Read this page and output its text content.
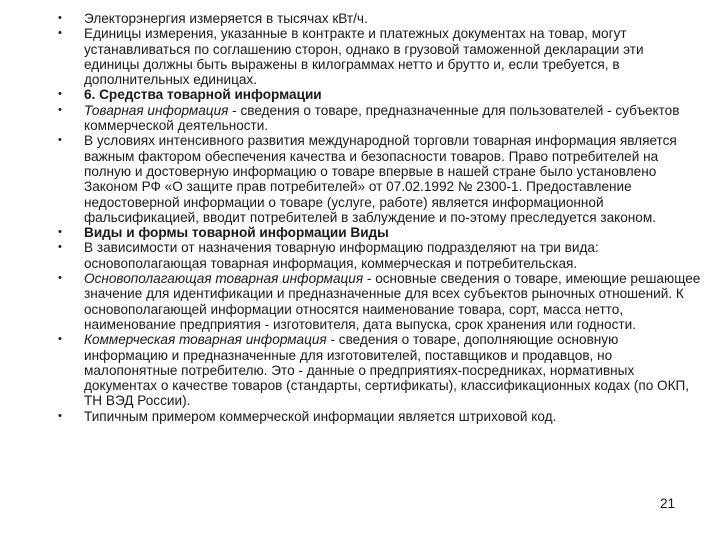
• Электорэнергия измеряется в тысячах кВт/ч.
• Единицы измерения, указанные в контракте и платежных документах на товар, могут устанавливаться по соглашению сторон, однако в грузовой таможенной декларации эти единицы должны быть выражены в килограммах нетто и брутто и, если требуется, в дополнительных единицах.
• 6. Средства товарной информации
• Товарная информация - сведения о товаре, предназначенные для пользователей - субъектов коммерческой деятельности.
• В условиях интенсивного развития международной торговли товарная информация является важным фактором обеспечения качества и безопасности товаров. Право потребителей на полную и достоверную информацию о товаре впервые в нашей стране было установлено Законом РФ «О защите прав потребителей» от 07.02.1992 № 2300-1. Предоставление недостоверной информации о товаре (услуге, работе) является информационной фальсификацией, вводит потребителей в заблуждение и по-этому преследуется законом.
• Виды и формы товарной информации Виды
• В зависимости от назначения товарную информацию подразделяют на три вида: основополагающая товарная информация, коммерческая и потребительская.
• Основополагающая товарная информация - основные сведения о товаре, имеющие решающее значение для идентификации и предназначенные для всех субъектов рыночных отношений. К основополагающей информации относятся наименование товара, сорт, масса нетто, наименование предприятия - изготовителя, дата выпуска, срок хранения или годности.
• Коммерческая товарная информация - сведения о товаре, дополняющие основную информацию и предназначенные для изготовителей, поставщиков и продавцов, но малопонятные потребителю. Это - данные о предприятиях-посредниках, нормативных документах о качестве товаров (стандарты, сертификаты), классификационных кодах (по ОКП, ТН ВЭД России).
• Типичным примером коммерческой информации является штриховой код.
21
